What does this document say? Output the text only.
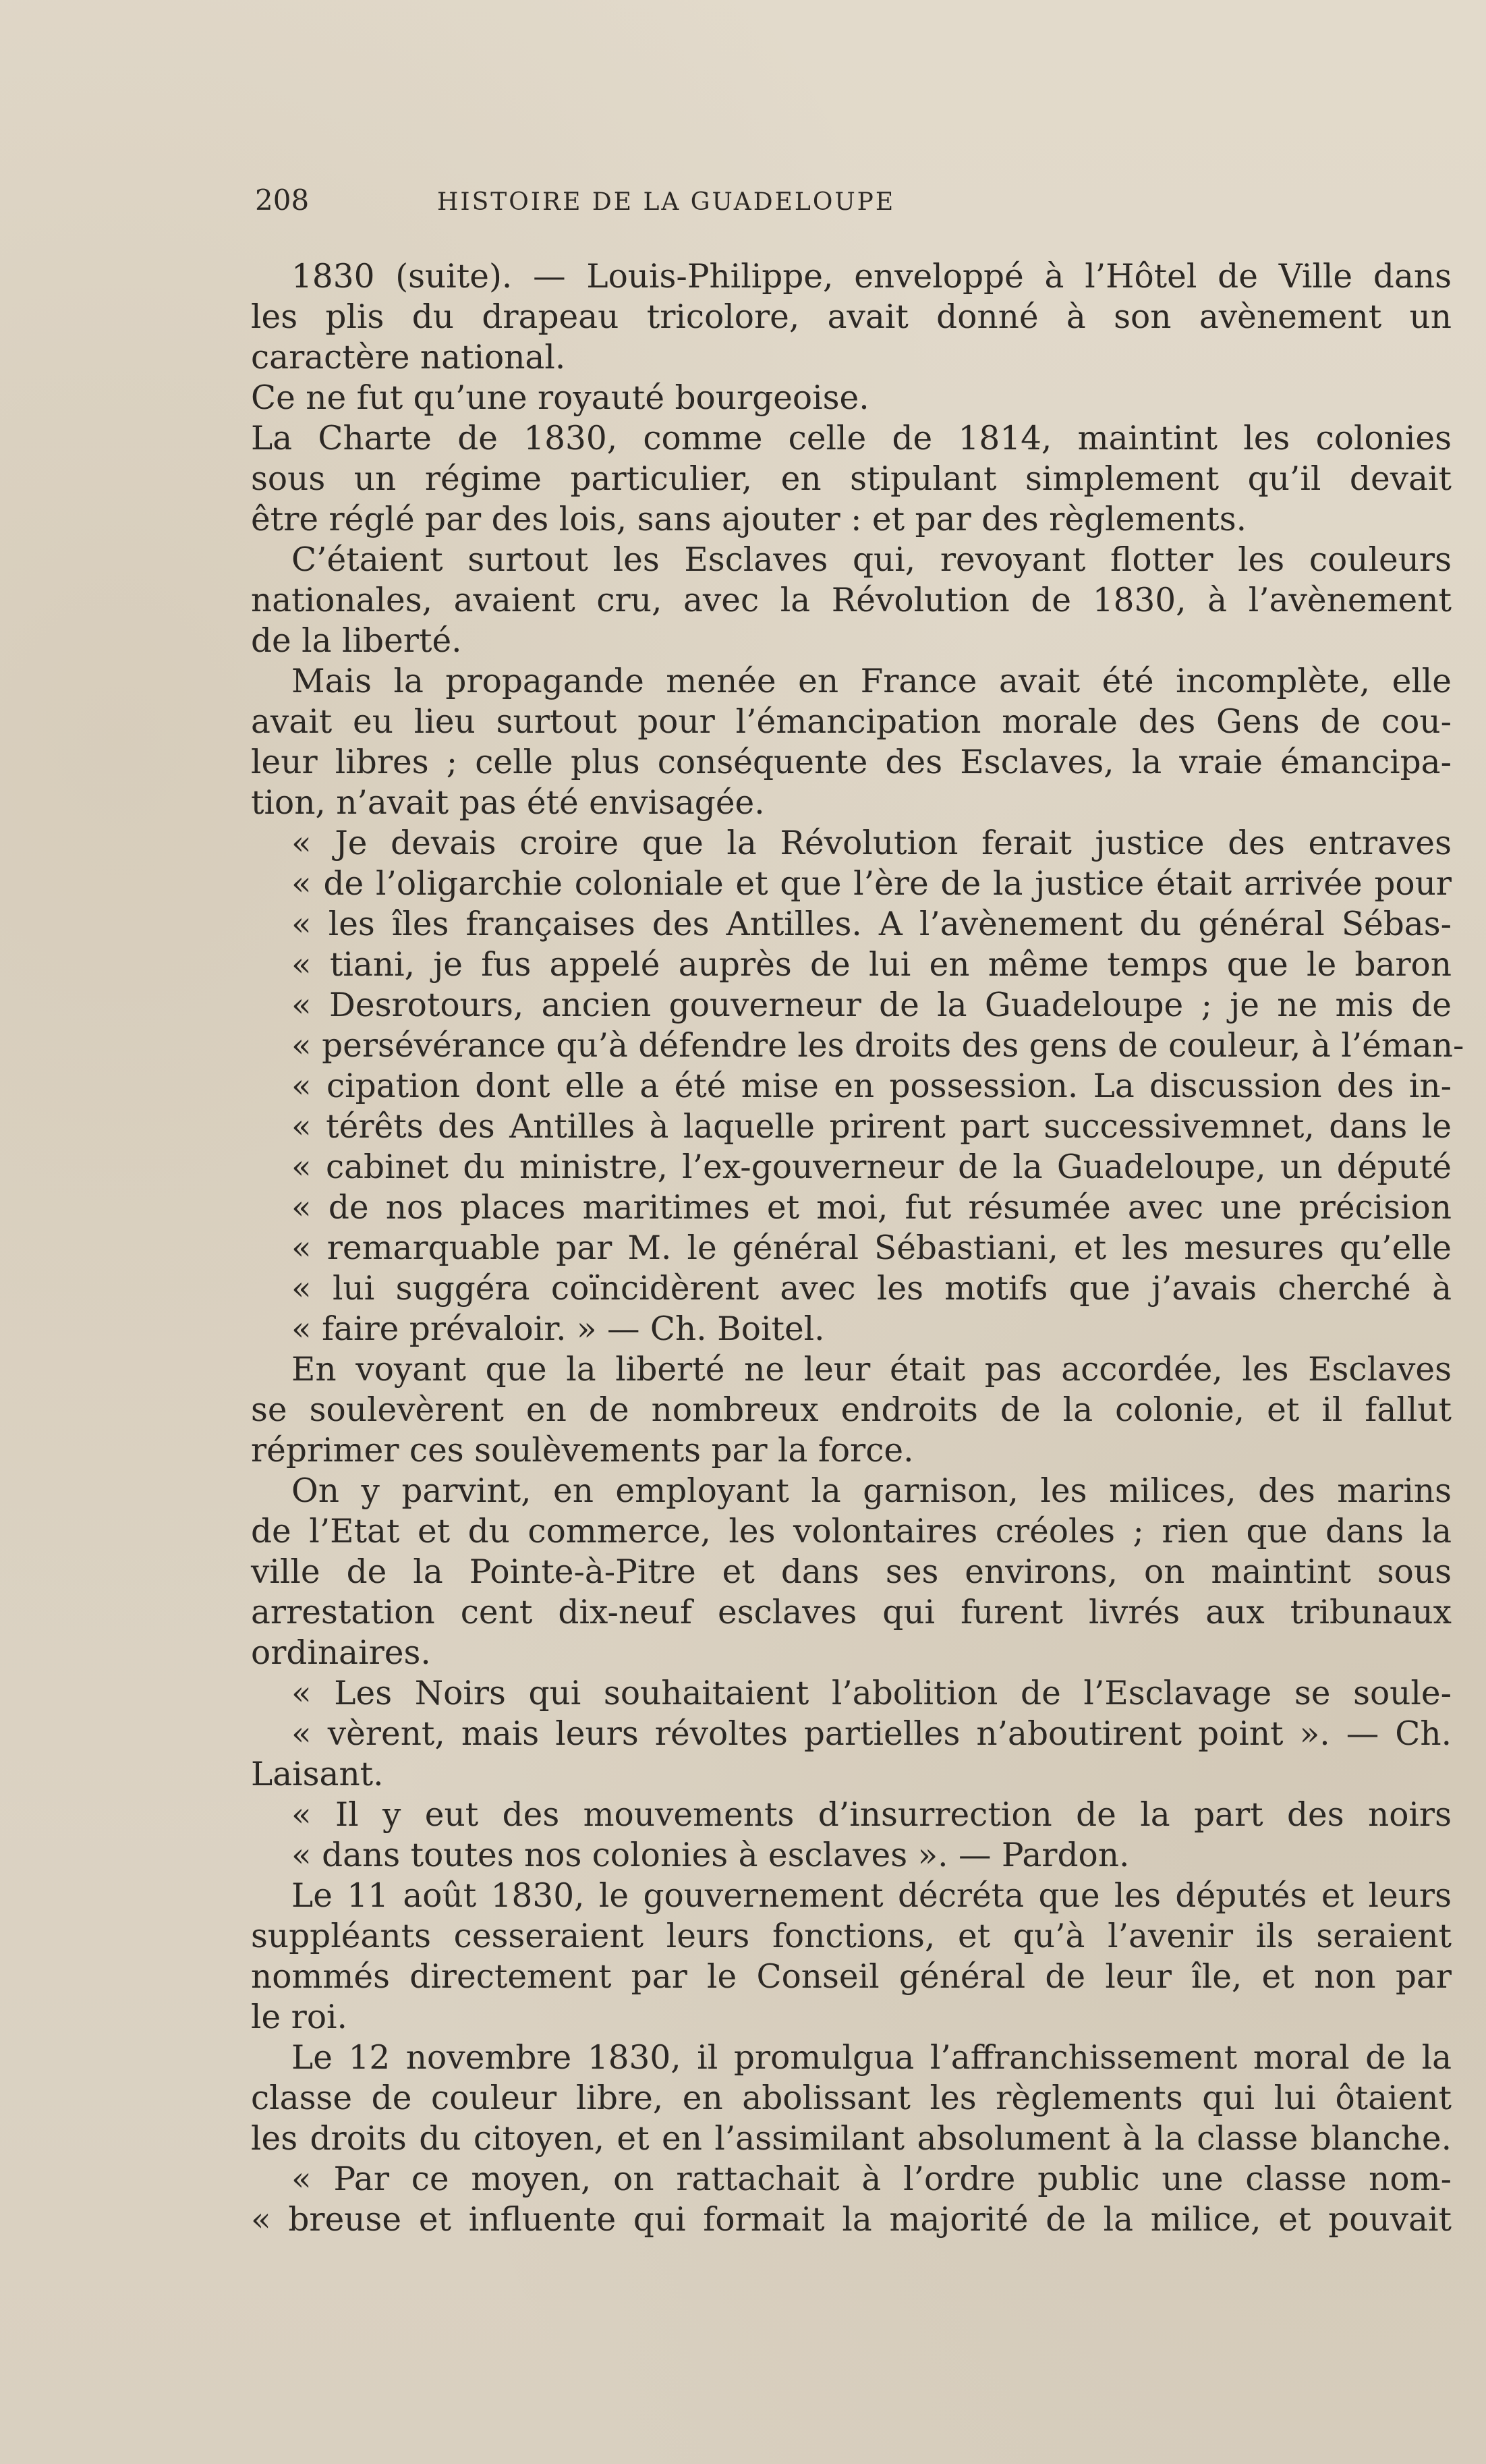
208	HISTOIRE DE LA GUADELOUPE
1830 (suite). — Louis-Philippe, enveloppé à l’Hôtel de Ville dans
les plis du drapeau tricolore, avait donné à son avènement un
caractère national.
Ce ne fut qu’une royauté bourgeoise.
La Charte de 1830, comme celle de 1814, maintint les colonies
sous un régime particulier, en stipulant simplement qu’il devait
être réglé par des lois, sans ajouter : et par des règlements.
C’étaient surtout les Esclaves qui, revoyant flotter les couleurs
nationales, avaient cru, avec la Révolution de 1830, à l’avènement
de la liberté.
Mais la propagande menée en France avait été incomplète, elle
avait eu lieu surtout pour l’émancipation morale des Gens de cou-
leur libres ; celle plus conséquente des Esclaves, la vraie émancipa-
tion, n’avait pas été envisagée.
« Je devais croire que la Révolution ferait justice des entraves
« de l’oligarchie coloniale et que l’ère de la justice était arrivée pour
« les îles françaises des Antilles. A l’avènement du général Sébas-
« tiani, je fus appelé auprès de lui en même temps que le baron
« Desrotours, ancien gouverneur de la Guadeloupe ; je ne mis de
« persévérance qu’à défendre les droits des gens de couleur, à l’éman-
« cipation dont elle a été mise en possession. La discussion des in-
« térêts des Antilles à laquelle prirent part successivemnet, dans le
« cabinet du ministre, l’ex-gouverneur de la Guadeloupe, un député
« de nos places maritimes et moi, fut résumée avec une précision
« remarquable par M. le général Sébastiani, et les mesures qu’elle
« lui suggéra coïncidèrent avec les motifs que j’avais cherché à
« faire prévaloir. » — Ch. Boitel.
En voyant que la liberté ne leur était pas accordée, les Esclaves
se soulevèrent en de nombreux endroits de la colonie, et il fallut
réprimer ces soulèvements par la force.
On y parvint, en employant la garnison, les milices, des marins
de l’Etat et du commerce, les volontaires créoles ; rien que dans la
ville de la Pointe-à-Pitre et dans ses environs, on maintint sous
arrestation cent dix-neuf esclaves qui furent livrés aux tribunaux
ordinaires.
« Les Noirs qui souhaitaient l’abolition de l’Esclavage se soule-
« vèrent, mais leurs révoltes partielles n’aboutirent point ». — Ch.
Laisant.
« Il y eut des mouvements d’insurrection de la part des noirs
« dans toutes nos colonies à esclaves ». — Pardon.
Le 11 août 1830, le gouvernement décréta que les députés et leurs
suppléants cesseraient leurs fonctions, et qu’à l’avenir ils seraient
nommés directement par le Conseil général de leur île, et non par
le roi.
Le 12 novembre 1830, il promulgua l’affranchissement moral de la
classe de couleur libre, en abolissant les règlements qui lui ôtaient
les droits du citoyen, et en l’assimilant absolument à la classe blanche.
« Par ce moyen, on rattachait à l’ordre public une classe nom-
« breuse et influente qui formait la majorité de la milice, et pouvait
